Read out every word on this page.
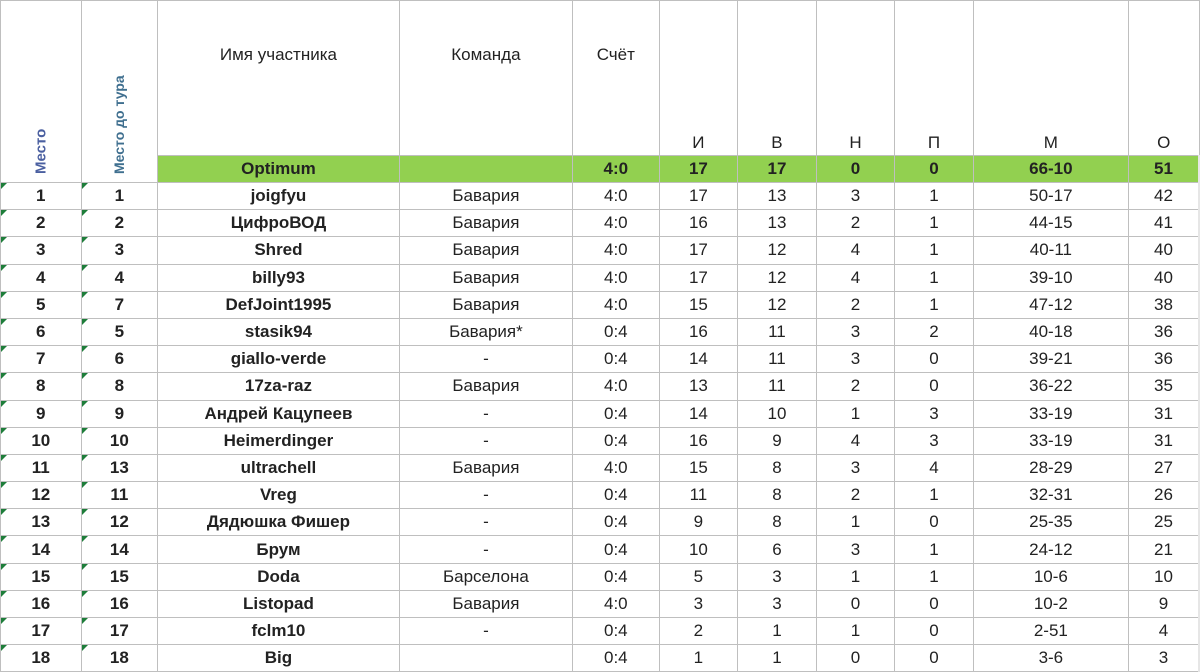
Место	Место до тура	Имя участника	Команда	Счёт	И	В	Н	П	М	О
		Optimum		4:0	17	17	0	0	66-10	51
1	1	joigfyu	Бавария	4:0	17	13	3	1	50-17	42
2	2	ЦифроВОД	Бавария	4:0	16	13	2	1	44-15	41
3	3	Shred	Бавария	4:0	17	12	4	1	40-11	40
4	4	billy93	Бавария	4:0	17	12	4	1	39-10	40
5	7	DefJoint1995	Бавария	4:0	15	12	2	1	47-12	38
6	5	stasik94	Бавария*	0:4	16	11	3	2	40-18	36
7	6	giallo-verde	-	0:4	14	11	3	0	39-21	36
8	8	17za-raz	Бавария	4:0	13	11	2	0	36-22	35
9	9	Андрей Кацупеев	-	0:4	14	10	1	3	33-19	31
10	10	Heimerdinger	-	0:4	16	9	4	3	33-19	31
11	13	ultrachell	Бавария	4:0	15	8	3	4	28-29	27
12	11	Vreg	-	0:4	11	8	2	1	32-31	26
13	12	Дядюшка Фишер	-	0:4	9	8	1	0	25-35	25
14	14	Брум	-	0:4	10	6	3	1	24-12	21
15	15	Doda	Барселона	0:4	5	3	1	1	10-6	10
16	16	Listopad	Бавария	4:0	3	3	0	0	10-2	9
17	17	fclm10	-	0:4	2	1	1	0	2-51	4
18	18	Big		0:4	1	1	0	0	3-6	3
